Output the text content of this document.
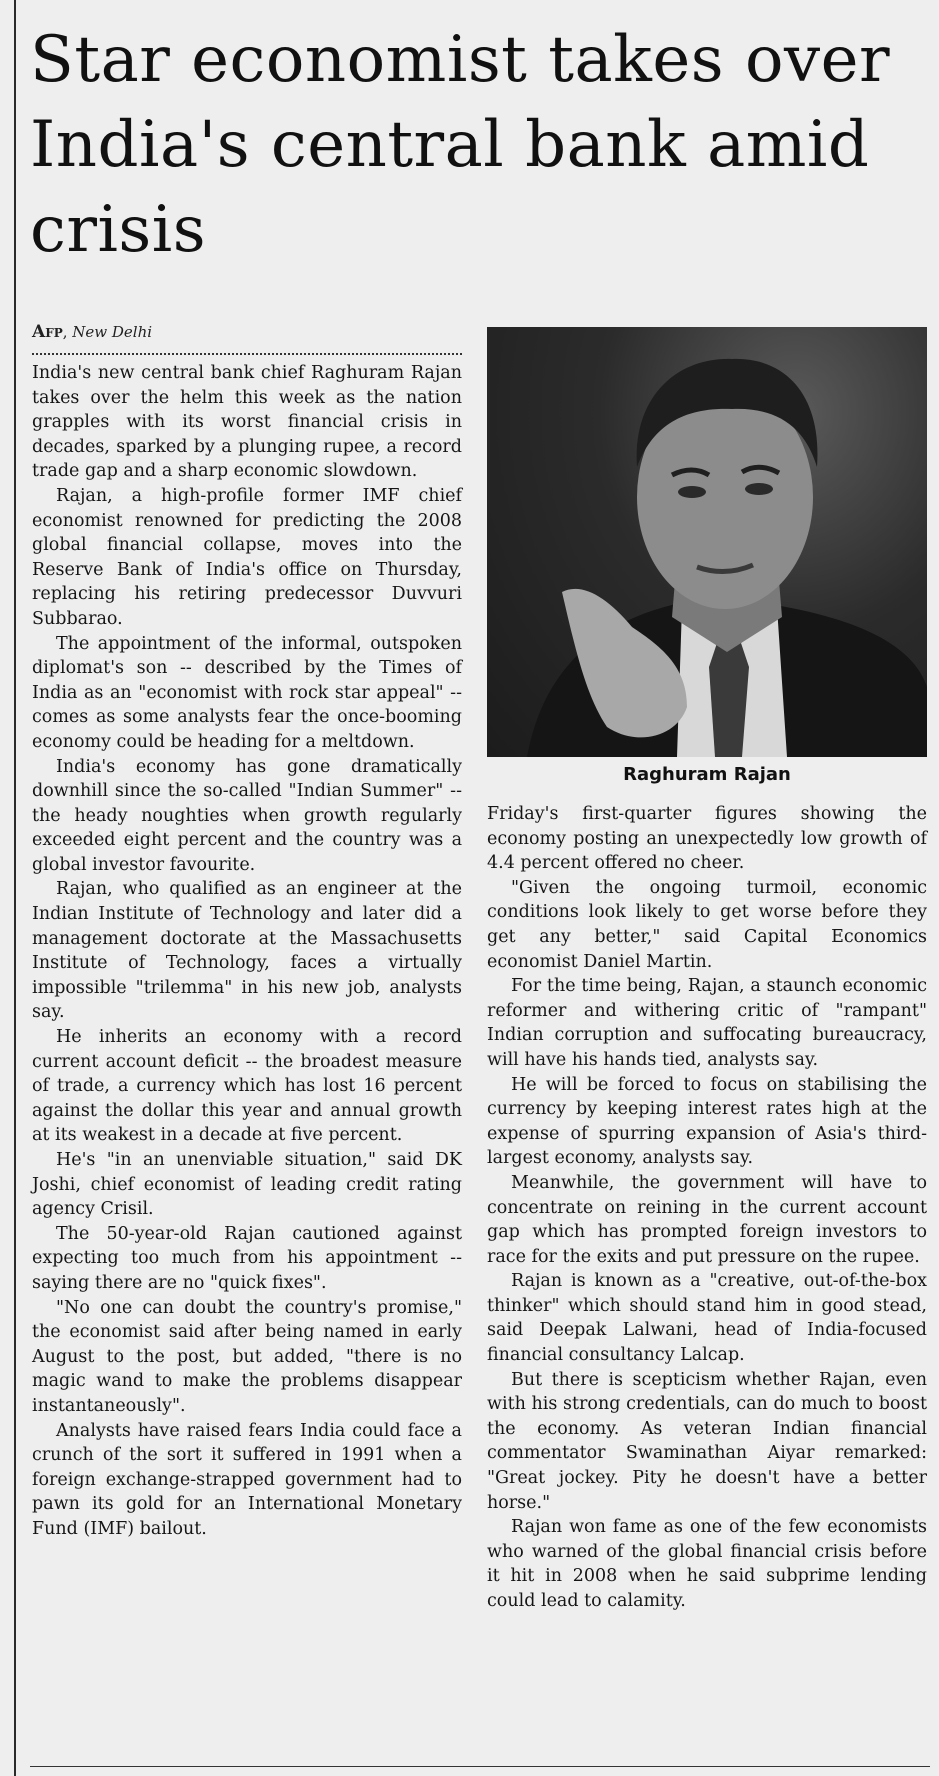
Star economist takes over India's central bank amid crisis
Afp, New Delhi

India's new central bank chief Raghuram Rajan takes over the helm this week as the nation grapples with its worst financial crisis in decades, sparked by a plunging rupee, a record trade gap and a sharp economic slowdown.

Rajan, a high-profile former IMF chief economist renowned for predicting the 2008 global financial collapse, moves into the Reserve Bank of India's office on Thursday, replacing his retiring predecessor Duvvuri Subbarao.

The appointment of the informal, outspoken diplomat's son -- described by the Times of India as an "economist with rock star appeal" -- comes as some analysts fear the once-booming economy could be heading for a meltdown.

India's economy has gone dramatically downhill since the so-called "Indian Summer" -- the heady noughties when growth regularly exceeded eight percent and the country was a global investor favourite.

Rajan, who qualified as an engineer at the Indian Institute of Technology and later did a management doctorate at the Massachusetts Institute of Technology, faces a virtually impossible "trilemma" in his new job, analysts say.

He inherits an economy with a record current account deficit -- the broadest measure of trade, a currency which has lost 16 percent against the dollar this year and annual growth at its weakest in a decade at five percent.

He's "in an unenviable situation," said DK Joshi, chief economist of leading credit rating agency Crisil.

The 50-year-old Rajan cautioned against expecting too much from his appointment -- saying there are no "quick fixes".

"No one can doubt the country's promise," the economist said after being named in early August to the post, but added, "there is no magic wand to make the problems disappear instantaneously".

Analysts have raised fears India could face a crunch of the sort it suffered in 1991 when a foreign exchange-strapped government had to pawn its gold for an International Monetary Fund (IMF) bailout.

Raghuram Rajan

Friday's first-quarter figures showing the economy posting an unexpectedly low growth of 4.4 percent offered no cheer.

"Given the ongoing turmoil, economic conditions look likely to get worse before they get any better," said Capital Economics economist Daniel Martin.

For the time being, Rajan, a staunch economic reformer and withering critic of "rampant" Indian corruption and suffocating bureaucracy, will have his hands tied, analysts say.

He will be forced to focus on stabilising the currency by keeping interest rates high at the expense of spurring expansion of Asia's third-largest economy, analysts say.

Meanwhile, the government will have to concentrate on reining in the current account gap which has prompted foreign investors to race for the exits and put pressure on the rupee.

Rajan is known as a "creative, out-of-the-box thinker" which should stand him in good stead, said Deepak Lalwani, head of India-focused financial consultancy Lalcap.

But there is scepticism whether Rajan, even with his strong credentials, can do much to boost the economy. As veteran Indian financial commentator Swaminathan Aiyar remarked: "Great jockey. Pity he doesn't have a better horse."

Rajan won fame as one of the few economists who warned of the global financial crisis before it hit in 2008 when he said subprime lending could lead to calamity.
